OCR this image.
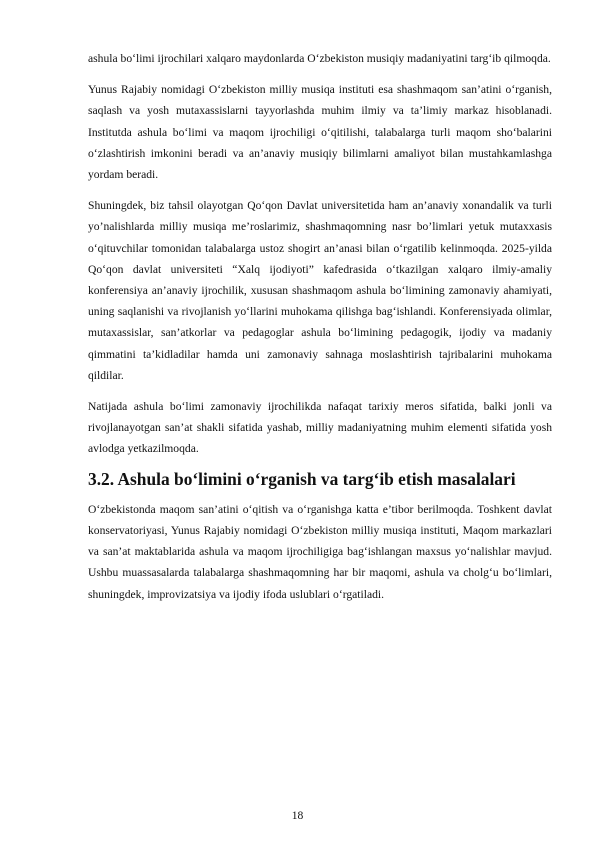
ashula bo‘limi ijrochilari xalqaro maydonlarda O‘zbekiston musiqiy madaniyatini targ‘ib qilmoqda.

Yunus Rajabiy nomidagi O‘zbekiston milliy musiqa instituti esa shashmaqom san’atini o‘rganish, saqlash va yosh mutaxassislarni tayyorlashda muhim ilmiy va ta’limiy markaz hisoblanadi. Institutda ashula bo‘limi va maqom ijrochiligi o‘qitilishi, talabalarga turli maqom sho‘balarini o‘zlashtirish imkonini beradi va an’anaviy musiqiy bilimlarni amaliyot bilan mustahkamlashga yordam beradi.

Shuningdek, biz tahsil olayotgan Qo‘qon Davlat universitetida ham an’anaviy xonandalik va turli yo’nalishlarda milliy musiqa me’roslarimiz, shashmaqomning nasr bo’limlari yetuk mutaxxasis o‘qituvchilar tomonidan talabalarga ustoz shogirt an’anasi bilan o‘rgatilib kelinmoqda. 2025-yilda Qo‘qon davlat universiteti “Xalq ijodiyoti” kafedrasida o‘tkazilgan xalqaro ilmiy-amaliy konferensiya an’anaviy ijrochilik, xususan shashmaqom ashula bo‘limining zamonaviy ahamiyati, uning saqlanishi va rivojlanish yo‘llarini muhokama qilishga bag‘ishlandi. Konferensiyada olimlar, mutaxassislar, san’atkorlar va pedagoglar ashula bo‘limining pedagogik, ijodiy va madaniy qimmatini ta’kidladilar hamda uni zamonaviy sahnaga moslashtirish tajribalarini muhokama qildilar.

Natijada ashula bo‘limi zamonaviy ijrochilikda nafaqat tarixiy meros sifatida, balki jonli va rivojlanayotgan san’at shakli sifatida yashab, milliy madaniyatning muhim elementi sifatida yosh avlodga yetkazilmoqda.

3.2. Ashula bo‘limini o‘rganish va targ‘ib etish masalalari

O‘zbekistonda maqom san’atini o‘qitish va o‘rganishga katta e’tibor berilmoqda. Toshkent davlat konservatoriyasi, Yunus Rajabiy nomidagi O‘zbekiston milliy musiqa instituti, Maqom markazlari va san’at maktablarida ashula va maqom ijrochiligiga bag‘ishlangan maxsus yo‘nalishlar mavjud. Ushbu muassasalarda talabalarga shashmaqomning har bir maqomi, ashula va cholg‘u bo‘limlari, shuningdek, improvizatsiya va ijodiy ifoda uslublari o‘rgatiladi.

18
